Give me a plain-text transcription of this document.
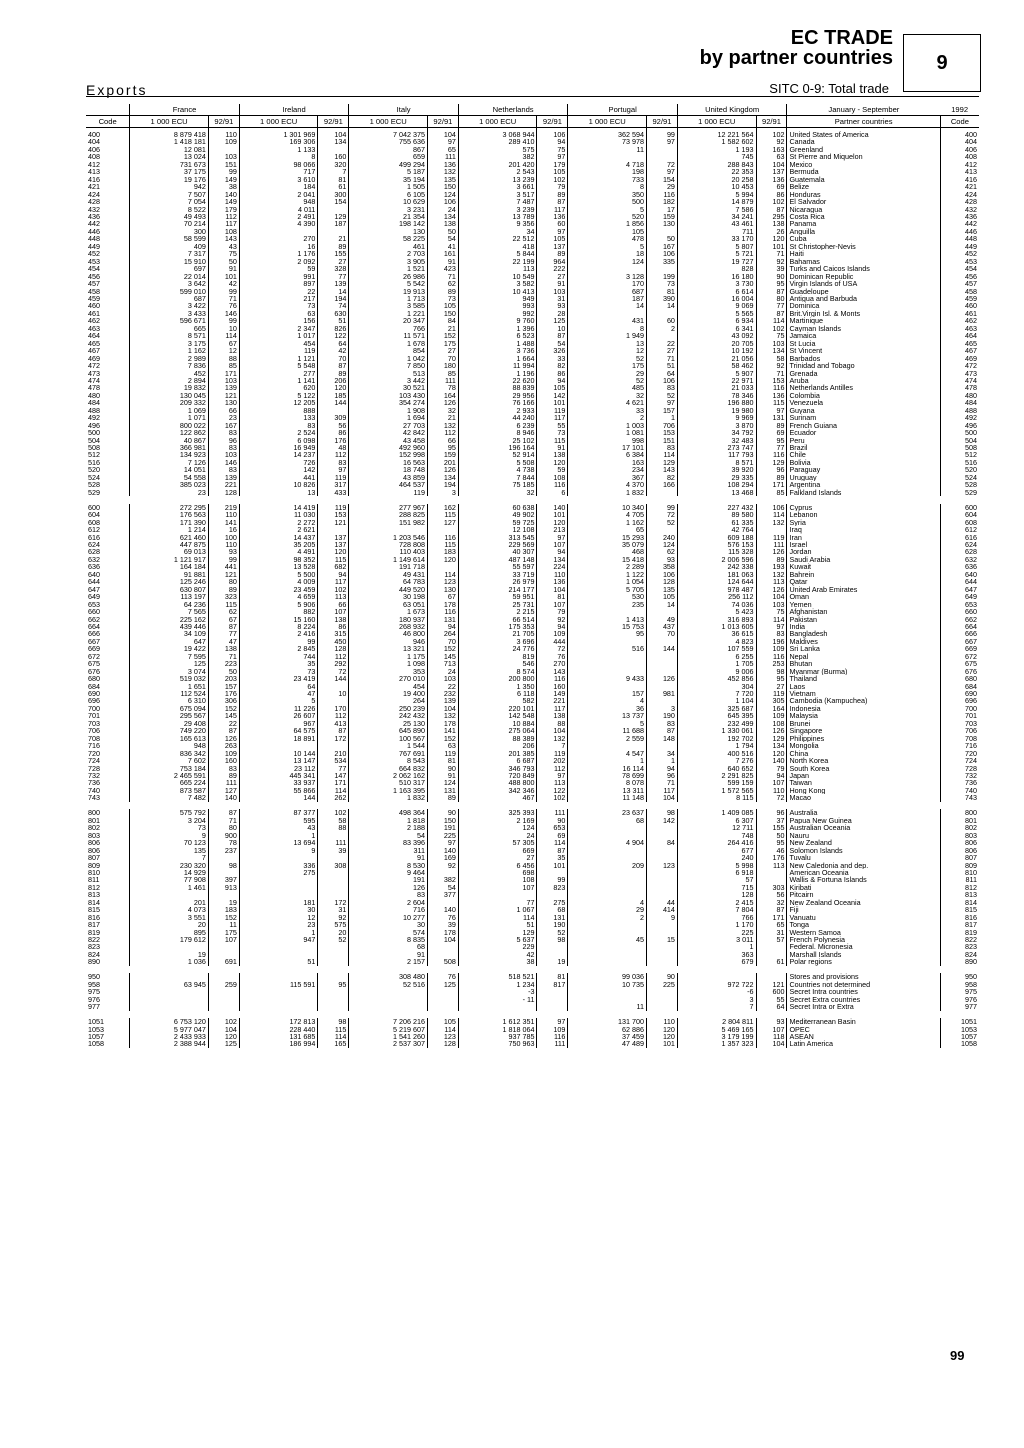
Exports
EC TRADE
by partner countries
SITC 0-9: Total trade
9
	France		Ireland		Italy		Netherlands		Portugal		United Kingdom		January - September	1992
Code	1 000 ECU	92/91	1 000 ECU	92/91	1 000 ECU	92/91	1 000 ECU	92/91	1 000 ECU	92/91	1 000 ECU	92/91	Partner countries	Code
400	8 879 418	110	1 301 969	104	7 042 375	104	3 068 944	106	362 594	99	12 221 564	102	United States of America	400
404	1 418 181	109	169 306	134	755 636	97	289 410	94	73 978	97	1 582 602	92	Canada	404
406	12 081		1 133		867	65	575	75	11		1 193	163	Greenland	406
408	13 024	103	8	160	659	111	382	97			745	63	St Pierre and Miquelon	408
412	731 673	151	98 066	320	499 294	136	201 420	179	4 718	72	288 843	104	Mexico	412
413	37 175	99	717	7	5 187	132	2 543	105	198	97	22 353	137	Bermuda	413
416	19 176	149	3 610	81	35 194	135	13 239	102	733	154	20 258	136	Guatemala	416
421	942	38	184	61	1 505	150	3 661	79	8	29	10 453	69	Belize	421
424	7 507	140	2 041	300	6 105	124	3 517	89	350	116	5 994	86	Honduras	424
428	7 054	149	948	154	10 629	106	7 487	87	500	182	14 879	102	El Salvador	428
432	8 522	179	4 011		3 231	24	3 239	117	5	17	7 586	87	Nicaragua	432
436	49 493	112	2 491	129	21 354	134	13 789	136	520	159	34 241	295	Costa Rica	436
442	70 214	117	4 390	187	198 142	138	9 356	60	1 856	130	43 461	138	Panama	442
446	300	108			130	50	34	97	105		711	26	Anguilla	446
448	58 599	143	270	21	58 225	54	22 512	105	478	50	33 170	120	Cuba	448
449	409	43	16	89	461	41	418	137	5	167	5 807	101	St Christopher-Nevis	449
452	7 317	75	1 176	155	2 703	161	5 844	89	18	106	5 721	71	Haiti	452
453	15 910	50	2 092	27	3 905	91	22 199	964	124	335	19 727	92	Bahamas	453
454	697	91	59	328	1 521	423	113	222			828	39	Turks and Caicos Islands	454
456	22 014	101	991	77	26 986	71	10 549	27	3 128	199	16 180	90	Dominican Republic	456
457	3 642	42	897	139	5 542	62	3 582	91	170	73	3 730	95	Virgin Islands of USA	457
458	599 010	99	22	14	19 913	89	10 413	103	687	81	6 614	87	Guadeloupe	458
459	687	71	217	194	1 713	73	949	31	187	390	16 004	80	Antigua and Barbuda	459
460	3 422	76	73	74	3 585	105	993	93	14	14	9 069	77	Dominica	460
461	3 433	146	63	630	1 221	150	992	28			5 565	87	Brit.Virgin Isl. & Monts	461
462	596 671	99	156	51	20 347	84	9 760	125	431	60	6 934	114	Martinique	462
463	665	10	2 347	826	766	21	1 396	10	8	2	6 341	102	Cayman Islands	463
464	8 571	114	1 017	122	11 571	152	6 523	87	1 949		43 092	75	Jamaica	464
465	3 175	67	454	64	1 678	175	1 488	54	13	22	20 705	103	St Lucia	465
467	1 162	12	119	42	854	27	3 736	326	12	27	10 192	134	St Vincent	467
469	2 989	88	1 121	70	1 042	70	1 664	33	52	71	21 056	58	Barbados	469
472	7 836	85	5 548	87	7 850	180	11 994	82	175	51	58 462	92	Trinidad and Tobago	472
473	452	171	277	89	513	85	1 196	86	29	64	5 907	71	Grenada	473
474	2 894	103	1 141	206	3 442	111	22 620	94	52	106	22 971	153	Aruba	474
478	19 832	139	620	120	30 521	78	88 839	105	485	83	21 033	116	Netherlands Antilles	478
480	130 045	121	5 122	185	103 430	164	29 956	142	32	52	78 346	136	Colombia	480
484	209 332	130	12 205	144	354 274	126	76 166	101	4 621	97	196 880	115	Venezuela	484
488	1 069	66	888		1 908	32	2 933	119	33	157	19 980	97	Guyana	488
492	1 071	23	133	309	1 694	21	44 240	117	2	1	9 969	131	Surinam	492
496	800 022	167	83	56	27 703	132	6 239	55	1 003	706	3 870	89	French Guiana	496
500	122 862	83	2 524	86	42 842	112	8 946	73	1 081	153	34 792	69	Ecuador	500
504	40 867	96	6 098	176	43 458	66	25 102	115	998	151	32 483	95	Peru	504
508	366 981	83	16 949	48	492 960	95	196 164	91	17 101	83	273 747	77	Brazil	508
512	134 923	103	14 237	112	152 998	159	52 914	138	6 384	114	117 793	116	Chile	512
516	7 126	146	726	83	16 563	201	5 508	120	163	129	8 571	129	Bolivia	516
520	14 051	83	142	97	18 748	126	4 738	59	234	143	39 920	96	Paraguay	520
524	54 558	139	441	119	43 859	134	7 844	108	367	82	29 335	89	Uruguay	524
528	385 023	221	10 826	317	464 537	194	75 185	116	4 370	166	108 294	171	Argentina	528
529	23	128	13	433	119	3	32	6	1 832		13 468	85	Falkland Islands	529

600	272 295	219	14 419	119	277 967	162	60 638	140	10 340	99	227 432	106	Cyprus	600
604	176 563	110	11 030	153	288 825	115	49 902	101	4 705	72	89 580	114	Lebanon	604
608	171 390	141	2 272	121	151 982	127	59 725	120	1 162	52	61 335	132	Syria	608
612	1 214	16	2 621				12 108	213	65		42 764		Iraq	612
616	621 460	100	14 437	137	1 203 546	116	313 545	97	15 293	240	609 188	119	Iran	616
624	447 875	110	35 205	137	728 808	115	229 569	107	35 079	124	576 153	111	Israel	624
628	69 013	93	4 491	120	110 403	183	40 307	94	468	62	115 328	126	Jordan	628
632	1 121 917	99	98 352	115	1 149 614	120	487 148	134	15 418	93	2 006 596	89	Saudi Arabia	632
636	164 184	441	13 528	682	191 718		55 597	224	2 289	358	242 338	193	Kuwait	636
640	91 881	121	5 500	94	49 431	114	33 719	110	1 122	106	181 063	132	Bahrein	640
644	125 246	80	4 009	117	64 783	123	26 979	136	1 054	128	124 644	113	Qatar	644
647	630 807	89	23 459	102	449 520	130	214 177	104	5 705	135	978 487	126	United Arab Emirates	647
649	113 197	323	4 659	113	30 198	67	59 951	81	530	105	256 112	104	Oman	649
653	64 236	115	5 906	66	63 051	178	25 731	107	235	14	74 036	103	Yemen	653
660	7 565	62	882	107	1 673	116	2 215	79			5 423	75	Afghanistan	660
662	225 162	67	15 160	138	180 937	131	66 514	92	1 413	49	316 893	114	Pakistan	662
664	439 446	87	8 224	86	268 932	94	175 353	94	15 753	437	1 013 605	97	India	664
666	34 109	77	2 416	315	46 800	264	21 705	109	95	70	36 615	83	Bangladesh	666
667	647	47	99	450	946	70	3 696	444			4 823	196	Maldives	667
669	19 422	138	2 845	128	13 321	152	24 776	72	516	144	107 559	109	Sri Lanka	669
672	7 595	71	744	112	1 175	145	819	76			6 255	116	Nepal	672
675	125	223	35	292	1 098	713	546	270			1 705	253	Bhutan	675
676	3 074	50	73	72	353	24	8 574	143			9 006	98	Myanmar (Burma)	676
680	519 032	203	23 419	144	270 010	103	200 800	116	9 433	126	452 856	95	Thailand	680
684	1 651	157	64		454	22	1 350	160			304	27	Laos	684
690	112 524	176	47	10	19 400	232	6 118	149	157	981	7 720	119	Vietnam	690
696	6 310	306	5		264	139	582	221	4		1 104	305	Cambodia (Kampuchea)	696
700	675 094	152	11 226	170	250 239	104	220 101	117	36	3	325 687	164	Indonesia	700
701	295 567	145	26 607	112	242 432	132	142 548	138	13 737	190	645 395	109	Malaysia	701
703	29 408	22	967	413	25 130	178	10 884	88	5	83	232 499	108	Brunei	703
706	749 220	87	64 575	87	645 890	141	275 064	104	11 688	87	1 330 061	126	Singapore	706
708	165 613	126	18 891	172	100 567	152	88 389	132	2 559	148	192 702	129	Philippines	708
716	948	263			1 544	63	206	7			1 794	134	Mongolia	716
720	836 342	109	10 144	210	767 691	119	201 385	119	4 547	34	400 516	120	China	720
724	7 602	160	13 147	534	8 543	81	6 687	202	1	1	7 276	140	North Korea	724
728	753 184	83	23 112	77	664 832	90	346 793	112	16 114	94	640 652	79	South Korea	728
732	2 465 591	89	445 341	147	2 062 162	91	720 849	97	78 699	96	2 291 825	94	Japan	732
736	665 224	111	33 937	171	510 317	124	488 800	113	8 078	71	599 159	107	Taiwan	736
740	873 587	127	55 866	114	1 163 395	131	342 346	122	13 311	117	1 572 565	110	Hong Kong	740
743	7 482	140	144	262	1 832	89	467	102	11 148	104	8 115	72	Macao	743

800	575 792	87	87 377	102	498 364	90	325 393	111	23 637	98	1 409 085	96	Australia	800
801	3 204	71	595	58	1 818	150	2 169	90	68	142	6 307	37	Papua New Guinea	801
802	73	80	43	88	2 188	191	124	653			12 711	155	Australian Oceania	802
803	9	900	1		54	225	24	69			748	50	Nauru	803
806	70 123	78	13 694	111	83 396	97	57 305	114	4 904	84	264 416	95	New Zealand	806
806	135	237	9	39	311	140	669	87			677	46	Solomon Islands	806
807	7				91	169	27	35			240	176	Tuvalu	807
809	230 320	98	336	308	8 530	92	6 456	101	209	123	5 998	113	New Caledonia and dep.	809
810	14 929		275		9 464		698				6 918		American Oceania	810
811	77 908	397			191	382	108	99			57		Wallis & Fortuna Islands	811
812	1 461	913			126	54	107	823			715	303	Kiribati	812
813					83	377					128	56	Pitcairn	813
814	201	19	181	172	2 604		77	275	4	44	2 415	32	New Zealand Oceania	814
815	4 073	183	30	31	716	140	1 067	68	29	414	7 804	87	Fiji	815
816	3 551	152	12	92	10 277	76	114	131	2	9	766	171	Vanuatu	816
817	20	11	23	575	30	39	51	190			1 170	65	Tonga	817
819	895	175	1	20	574	178	129	52			225	31	Western Samoa	819
822	179 612	107	947	52	8 835	104	5 637	98	45	15	3 011	57	French Polynesia	822
823					68		229				1		Federal. Micronesia	823
824	19				91		42				363		Marshall Islands	824
890	1 036	691	51		2 157	508	38	19			679	61	Polar regions	890

950					308 480	76	518 521	81	99 036	90			Stores and provisions	950
958	63 945	259	115 591	95	52 516	125	1 234	817	10 735	225	972 722	121	Countries not determined	958
975							-3				-6	600	Secret Intra countries	975
976							- 11				3	55	Secret Extra countries	976
977									11		7	64	Secret Intra or Extra	977

1051	6 753 120	102	172 813	98	7 206 216	105	1 612 351	97	131 700	110	2 804 811	93	Mediterranean Basin	1051
1053	5 977 047	104	228 440	115	5 219 607	114	1 818 064	109	62 886	120	5 469 165	107	OPEC	1053
1057	2 433 933	120	131 685	114	1 541 260	123	937 785	116	37 459	120	3 179 199	118	ASEAN	1057
1058	2 388 944	125	186 994	165	2 537 307	128	750 963	111	47 489	101	1 357 323	104	Latin America	1058
99
